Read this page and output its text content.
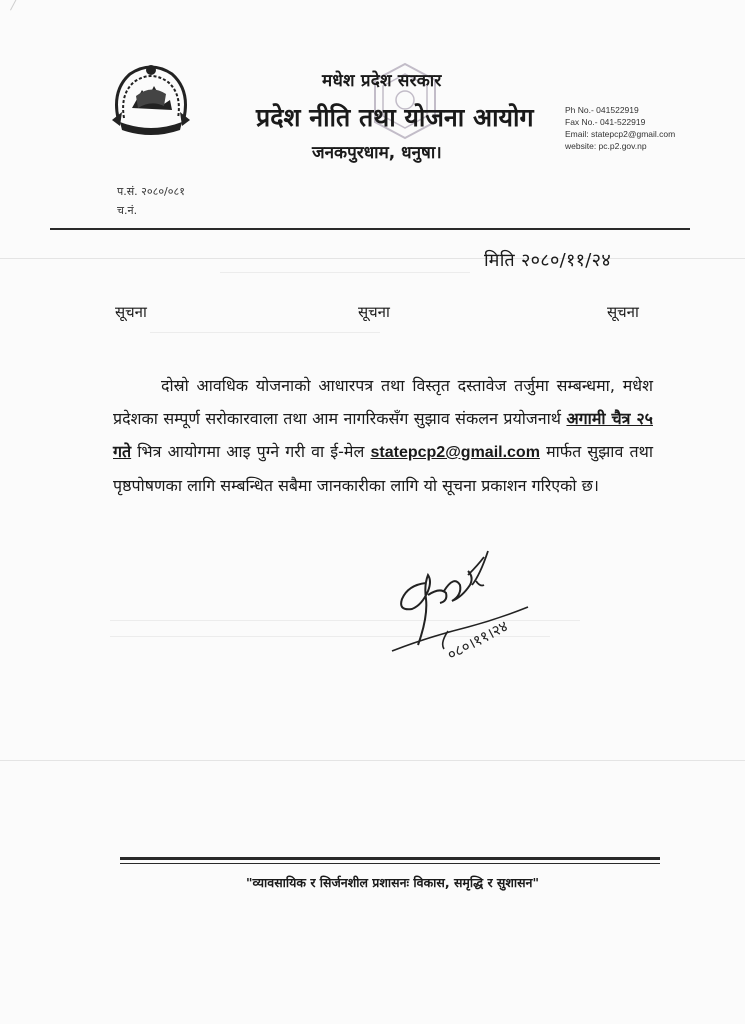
मधेश प्रदेश सरकार
प्रदेश नीति तथा योजना आयोग
जनकपुरधाम, धनुषा।
Ph No.- 041522919
Fax No.- 041-522919
Email: statepcp2@gmail.com
website: pc.p2.gov.np
प.सं. २०८०/०८१
च.नं.
मिति २०८०/११/२४
सूचना	सूचना	सूचना

दोस्रो आवधिक योजनाको आधारपत्र तथा विस्तृत दस्तावेज तर्जुमा सम्बन्धमा, मधेश प्रदेशका सम्पूर्ण सरोकारवाला तथा आम नागरिकसँग सुझाव संकलन प्रयोजनार्थ अगामी चैत्र २५ गते भित्र आयोगमा आइ पुग्ने गरी वा ई-मेल statepcp2@gmail.com मार्फत सुझाव तथा पृष्ठपोषणका लागि सम्बन्धित सबैमा जानकारीका लागि यो सूचना प्रकाशन गरिएको छ।

०८०।११।२४
"व्यावसायिक र सिर्जनशील प्रशासनः विकास, समृद्धि र सुशासन"
